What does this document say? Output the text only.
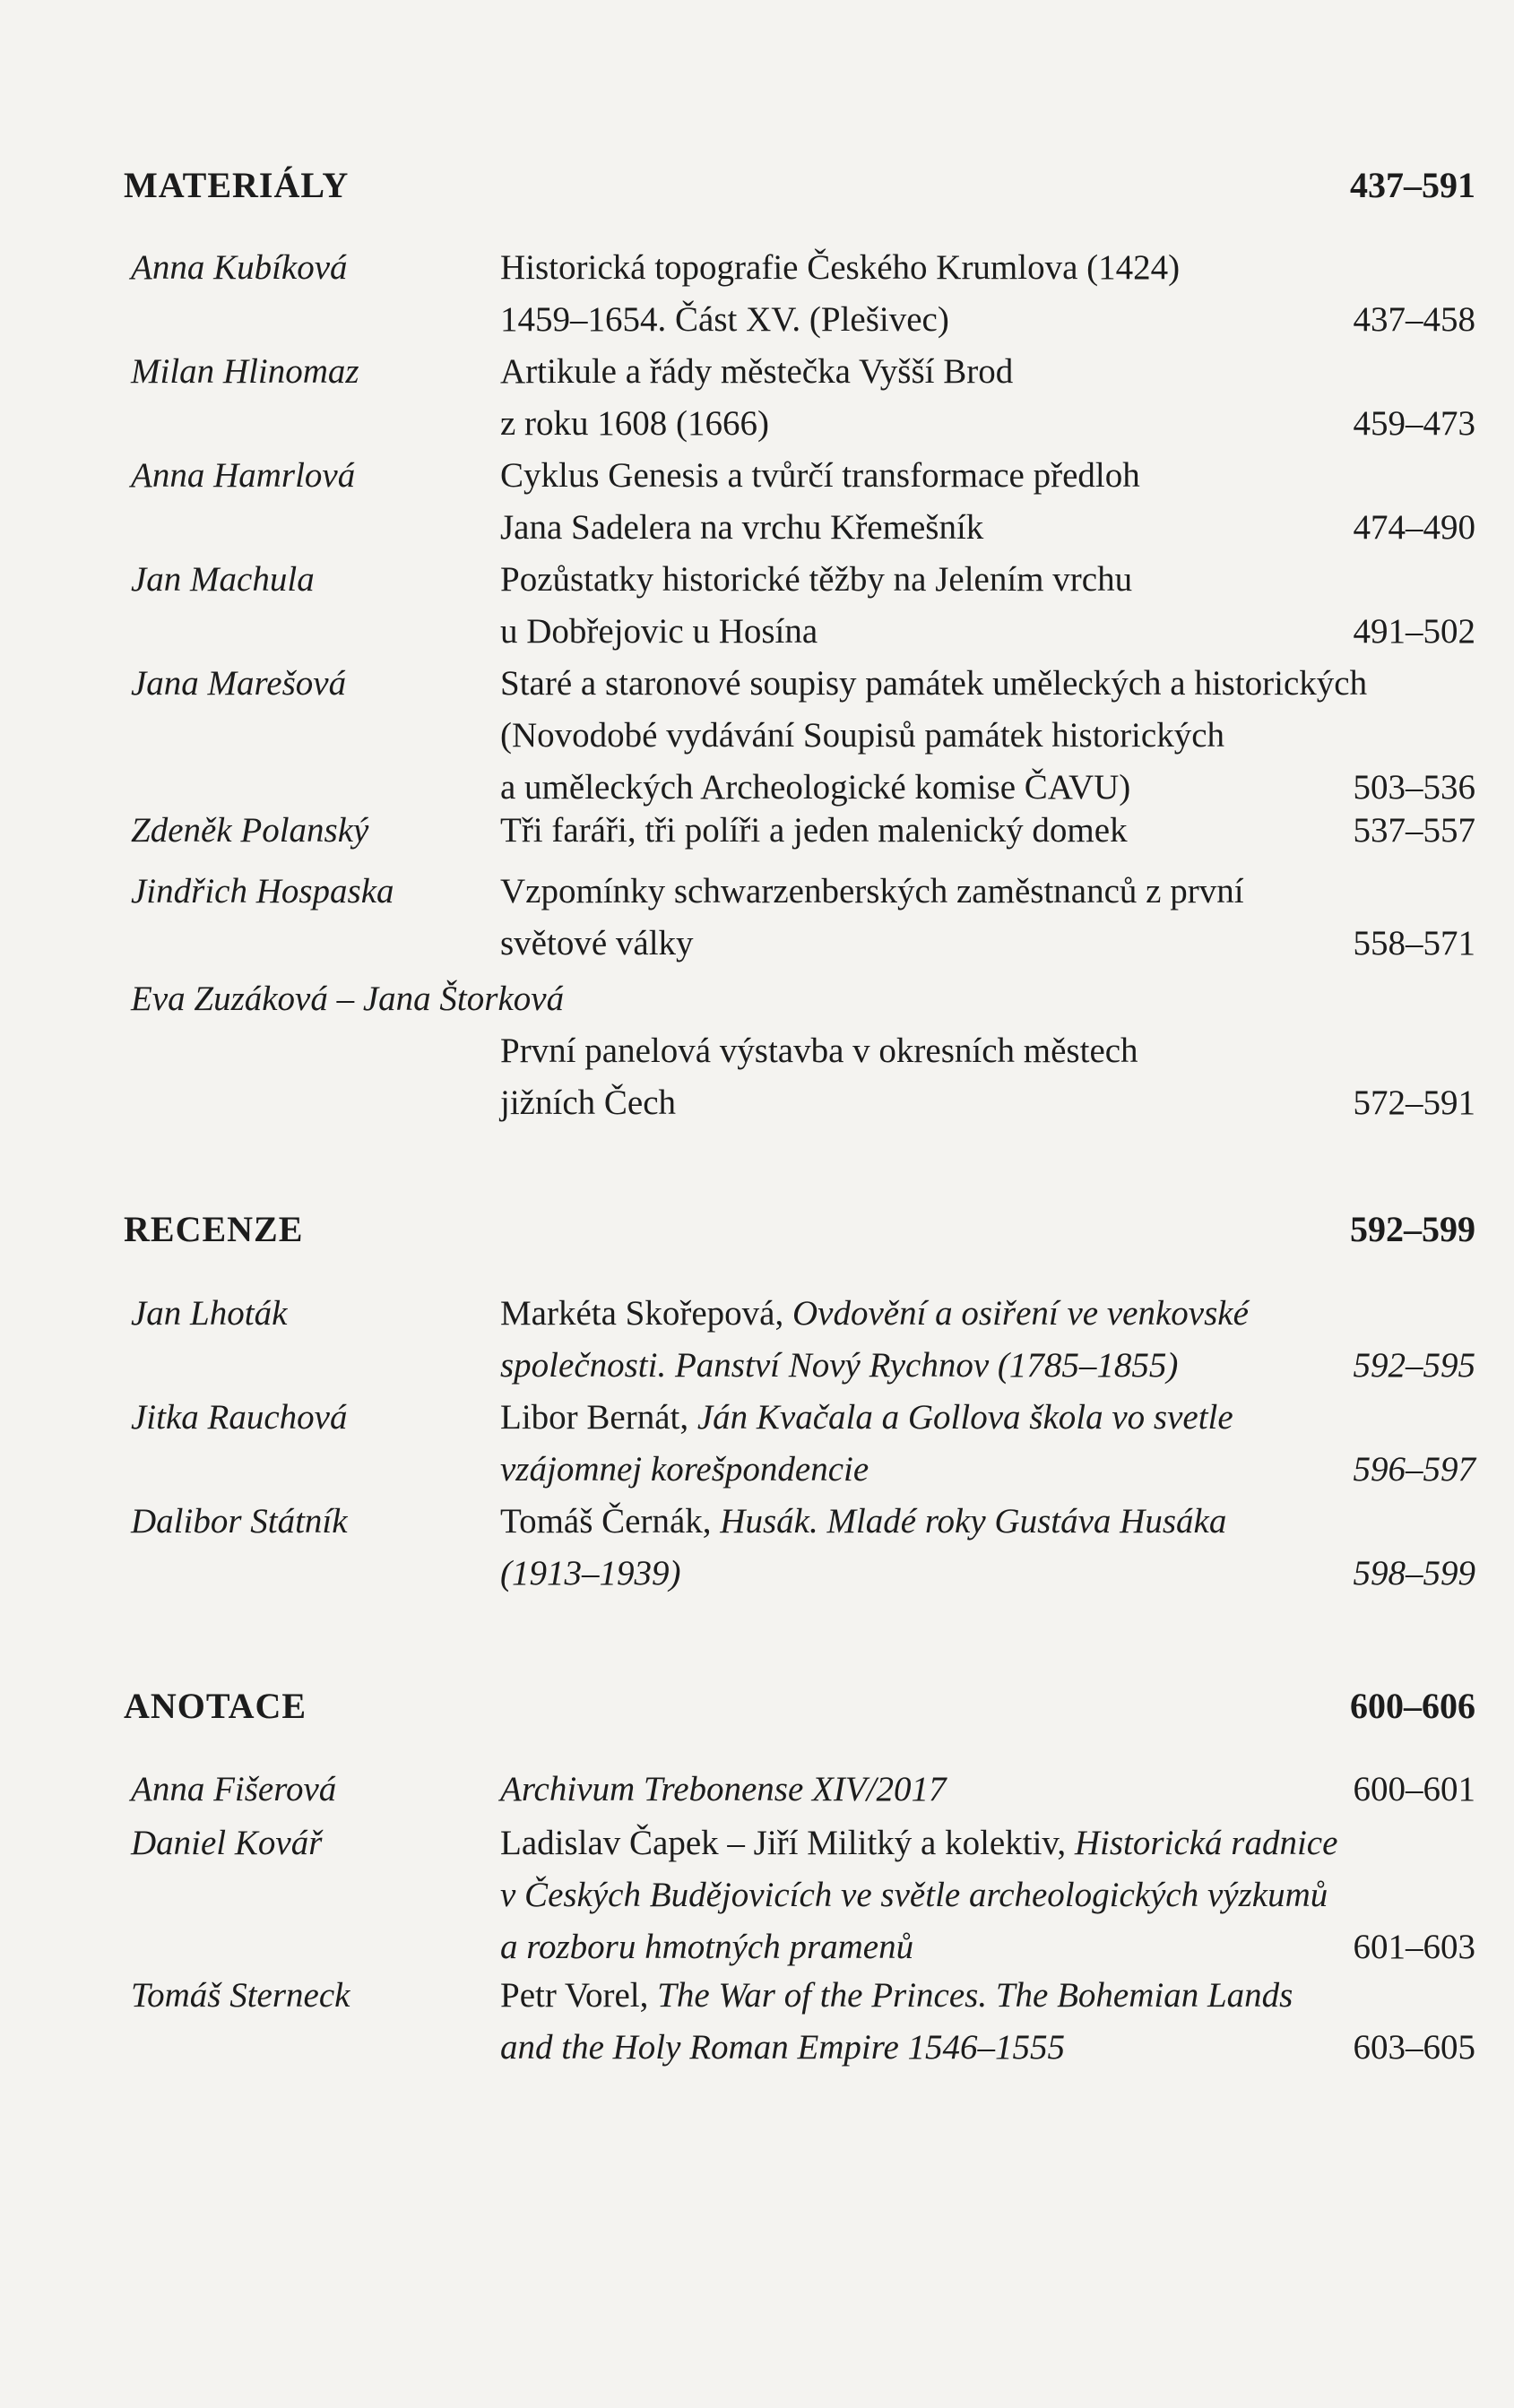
MATERIÁLY	437–591
Anna Kubíková	Historická topografie Českého Krumlova (1424)
1459–1654. Část XV. (Plešivec)	437–458
Milan Hlinomaz	Artikule a řády městečka Vyšší Brod
z roku 1608 (1666)	459–473
Anna Hamrlová	Cyklus Genesis a tvůrčí transformace předloh
Jana Sadelera na vrchu Křemešník	474–490
Jan Machula	Pozůstatky historické těžby na Jelením vrchu
u Dobřejovic u Hosína	491–502
Jana Marešová	Staré a staronové soupisy památek uměleckých a historických
(Novodobé vydávání Soupisů památek historických
a uměleckých Archeologické komise ČAVU)	503–536
Zdeněk Polanský	Tři faráři, tři políři a jeden malenický domek	537–557
Jindřich Hospaska	Vzpomínky schwarzenberských zaměstnanců z první
světové války	558–571
Eva Zuzáková – Jana Štorková
První panelová výstavba v okresních městech
jižních Čech	572–591
RECENZE	592–599
Jan Lhoták	Markéta Skořepová, Ovdovění a osiření ve venkovské
společnosti. Panství Nový Rychnov (1785–1855)	592–595
Jitka Rauchová	Libor Bernát, Ján Kvačala a Gollova škola vo svetle
vzájomnej korešpondencie	596–597
Dalibor Státník	Tomáš Černák, Husák. Mladé roky Gustáva Husáka
(1913–1939)	598–599
ANOTACE	600–606
Anna Fišerová	Archivum Trebonense XIV/2017	600–601
Daniel Kovář	Ladislav Čapek – Jiří Militký a kolektiv, Historická radnice
v Českých Budějovicích ve světle archeologických výzkumů
a rozboru hmotných pramenů	601–603
Tomáš Sterneck	Petr Vorel, The War of the Princes. The Bohemian Lands
and the Holy Roman Empire 1546–1555	603–605
